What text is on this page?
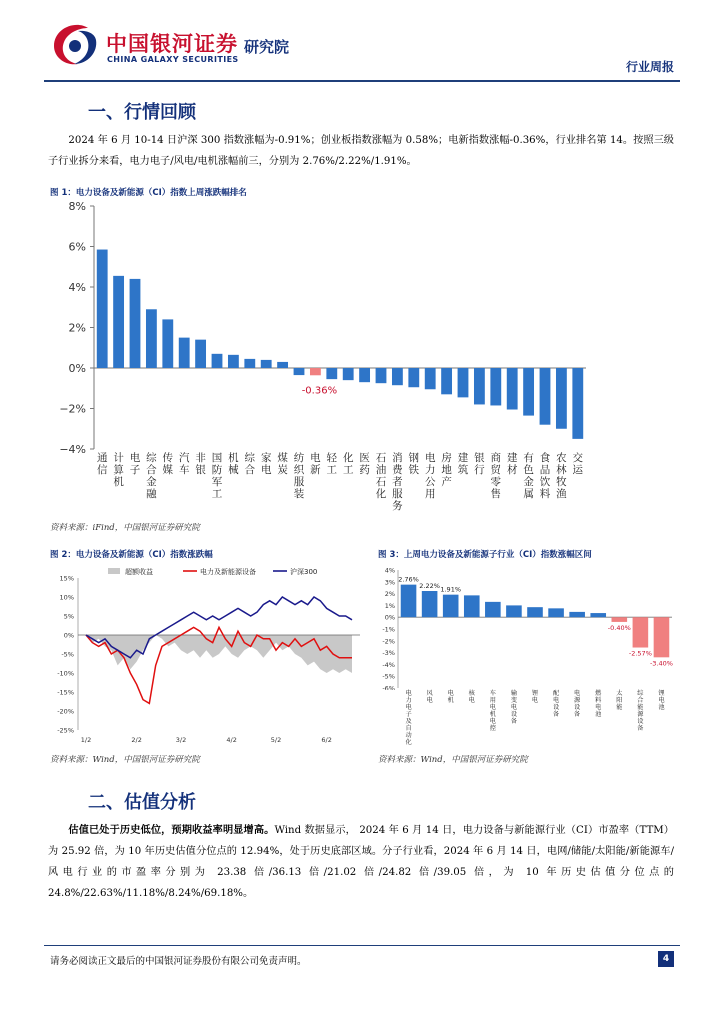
中国银河证券
CHINA GALAXY SECURITIES
研究院
行业周报
一、行情回顾
2024 年 6 月 10-14 日沪深 300 指数涨幅为-0.91%；创业板指数涨幅为 0.58%；电新指数涨幅-0.36%，行业排名第 14。按照三级子行业拆分来看，电力电子/风电/电机涨幅前三，分别为 2.76%/2.22%/1.91%。
图 1：电力设备及新能源（CI）指数上周涨跌幅排名
8%
6%
4%
2%
0%
−2%
−4%
-0.36%
通信
计算机
电子
综合金融
传媒
汽车
非银
国防军工
机械
综合
家电
煤炭
纺织服装
电新
轻工
化工
医药
石油石化
消费者服务
钢铁
电力公用
房地产
建筑
银行
商贸零售
建材
有色金属
食品饮料
农林牧渔
交运
资料来源：iFind，中国银河证券研究院
图 2：电力设备及新能源（CI）指数涨跌幅
超额收益	电力及新能源设备	沪深300
15%
10%
5%
0%
-5%
-10%
-15%
-20%
-25%
1/2	2/2	3/2	4/2	5/2	6/2
资料来源：Wind，中国银河证券研究院
图 3：上周电力设备及新能源子行业（CI）指数涨幅区间
4%
3%
2%
1%
0%
-1%
-2%
-3%
-4%
-5%
-6%
2.76%
2.22% 1.91%
-0.40%
-2.57%
-3.40%
电力电子及自动化
风电
电机
核电
车用电机电控
输变电设备
锂电
配电设备
电源设备
燃料电池
太阳能
综合能源设备
锂电池
资料来源：Wind，中国银河证券研究院
二、估值分析
估值已处于历史低位，预期收益率明显增高。Wind 数据显示， 2024 年 6 月 14 日，电力设备与新能源行业（CI）市盈率（TTM）为 25.92 倍，为 10 年历史估值分位点的 12.94%，处于历史底部区域。分子行业看，2024 年 6 月 14 日，电网/储能/太阳能/新能源车/风电行业的市盈率分别为 23.38 倍/36.13 倍/21.02 倍/24.82 倍/39.05 倍，为 10 年历史估值分位点的 24.8%/22.63%/11.18%/8.24%/69.18%。
请务必阅读正文最后的中国银河证券股份有限公司免责声明。	4
